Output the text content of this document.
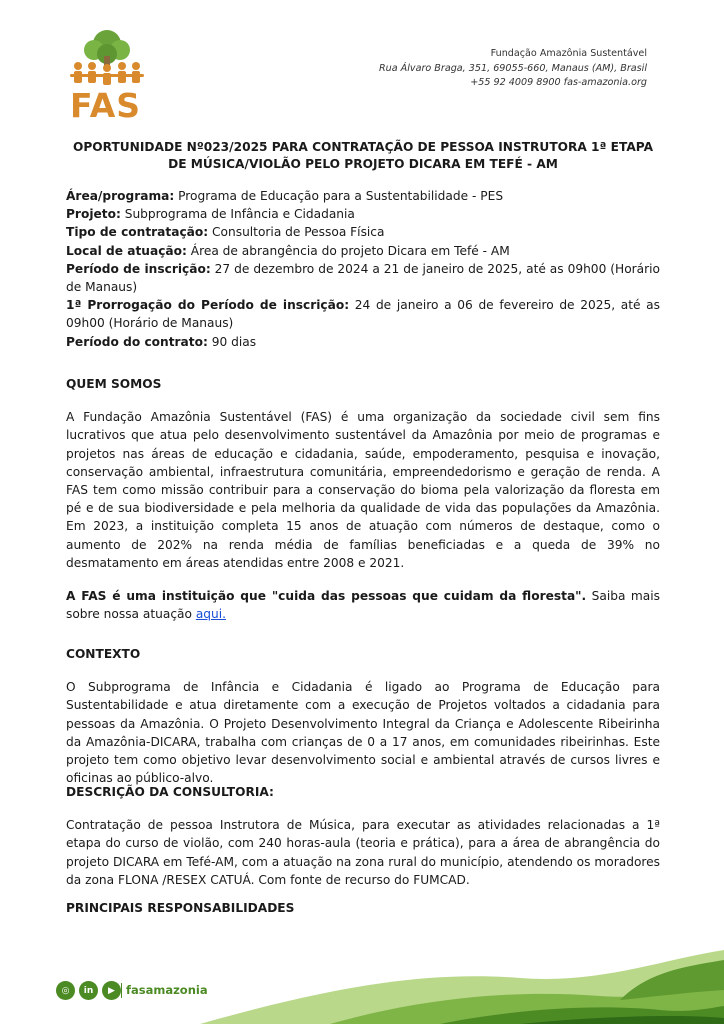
FAS
Fundação Amazônia Sustentável
Rua Álvaro Braga, 351, 69055-660, Manaus (AM), Brasil
+55 92 4009 8900 fas-amazonia.org
OPORTUNIDADE Nº023/2025 PARA CONTRATAÇÃO DE PESSOA INSTRUTORA 1ª ETAPA
DE MÚSICA/VIOLÃO PELO PROJETO DICARA EM TEFÉ - AM

Área/programa: Programa de Educação para a Sustentabilidade - PES

Projeto: Subprograma de Infância e Cidadania

Tipo de contratação: Consultoria de Pessoa Física

Local de atuação: Área de abrangência do projeto Dicara em Tefé - AM

Período de inscrição: 27 de dezembro de 2024 a 21 de janeiro de 2025, até as 09h00 (Horário de Manaus)

1ª Prorrogação do Período de inscrição: 24 de janeiro a 06 de fevereiro de 2025, até as 09h00 (Horário de Manaus)

Período do contrato: 90 dias

QUEM SOMOS

A Fundação Amazônia Sustentável (FAS) é uma organização da sociedade civil sem fins lucrativos que atua pelo desenvolvimento sustentável da Amazônia por meio de programas e projetos nas áreas de educação e cidadania, saúde, empoderamento, pesquisa e inovação, conservação ambiental, infraestrutura comunitária, empreendedorismo e geração de renda. A FAS tem como missão contribuir para a conservação do bioma pela valorização da floresta em pé e de sua biodiversidade e pela melhoria da qualidade de vida das populações da Amazônia. Em 2023, a instituição completa 15 anos de atuação com números de destaque, como o aumento de 202% na renda média de famílias beneficiadas e a queda de 39% no desmatamento em áreas atendidas entre 2008 e 2021.

A FAS é uma instituição que "cuida das pessoas que cuidam da floresta". Saiba mais sobre nossa atuação aqui.

CONTEXTO

O Subprograma de Infância e Cidadania é ligado ao Programa de Educação para Sustentabilidade e atua diretamente com a execução de Projetos voltados a cidadania para pessoas da Amazônia. O Projeto Desenvolvimento Integral da Criança e Adolescente Ribeirinha da Amazônia-DICARA, trabalha com crianças de 0 a 17 anos, em comunidades ribeirinhas. Este projeto tem como objetivo levar desenvolvimento social e ambiental através de cursos livres e oficinas ao público-alvo.

DESCRIÇÃO DA CONSULTORIA:

Contratação de pessoa Instrutora de Música, para executar as atividades relacionadas a 1ª etapa do curso de violão, com 240 horas-aula (teoria e prática), para a área de abrangência do projeto DICARA em Tefé-AM, com a atuação na zona rural do município, atendendo os moradores da zona FLONA /RESEX CATUÁ. Com fonte de recurso do FUMCAD.

PRINCIPAIS RESPONSABILIDADES
◎	in	▶ fasamazonia
